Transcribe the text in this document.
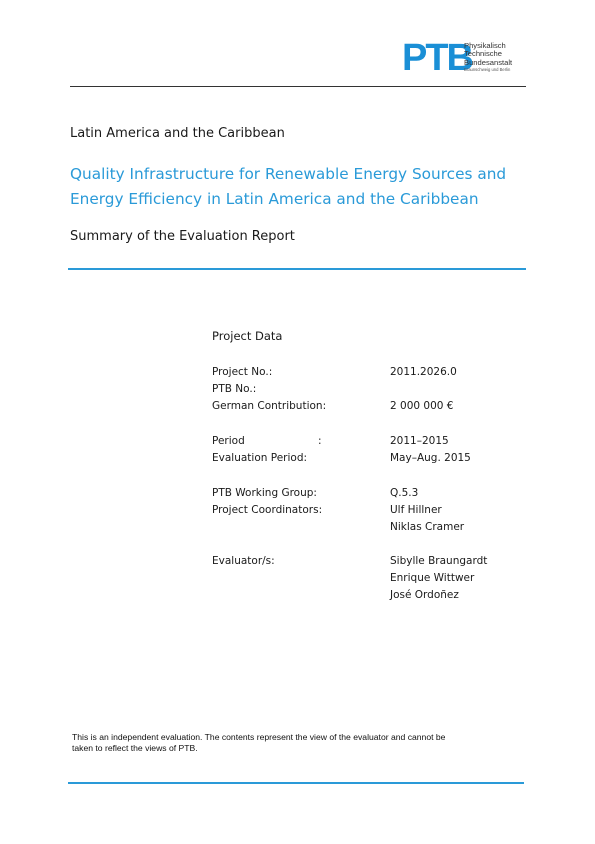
PTB
Physikalisch
Technische
Bundesanstalt
Braunschweig und Berlin
Latin America and the Caribbean
Quality Infrastructure for Renewable Energy Sources and
Energy Efficiency in Latin America and the Caribbean
Summary of the Evaluation Report
Project Data
Project No.:	2011.2026.0
PTB No.:
German Contribution:	2 000 000 €
Period	:	2011–2015
Evaluation Period:	May–Aug. 2015
PTB Working Group:	Q.5.3
Project Coordinators:	Ulf Hillner
Niklas Cramer
Evaluator/s:	Sibylle Braungardt
Enrique Wittwer
José Ordoñez
This is an independent evaluation. The contents represent the view of the evaluator and cannot be
taken to reflect the views of PTB.
